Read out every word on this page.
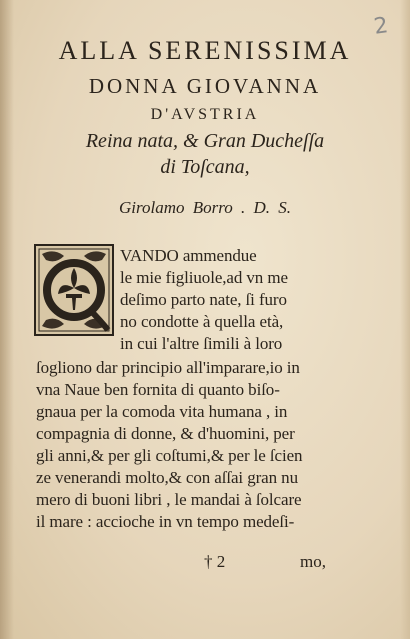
2
ALLA SERENISSIMA
DONNA GIOVANNA
D'AVSTRIA
Reina nata, & Gran Ducheſſa
di Toſcana,
Girolamo Borro . D. S.
VANDO ammendue
le mie figliuole,ad vn me
deſimo parto nate, ſi furo
no condotte à quella età,
in cui l'altre ſimili à loro
ſogliono dar principio all'imparare,io in
vna Naue ben fornita di quanto biſo-
gnaua per la comoda vita humana , in
compagnia di donne, & d'huomini, per
gli anni,& per gli coſtumi,& per le ſcien
ze venerandi molto,& con aſſai gran nu
mero di buoni libri , le mandai à ſolcare
il mare : accioche in vn tempo medeſi-
† 2	mo,
